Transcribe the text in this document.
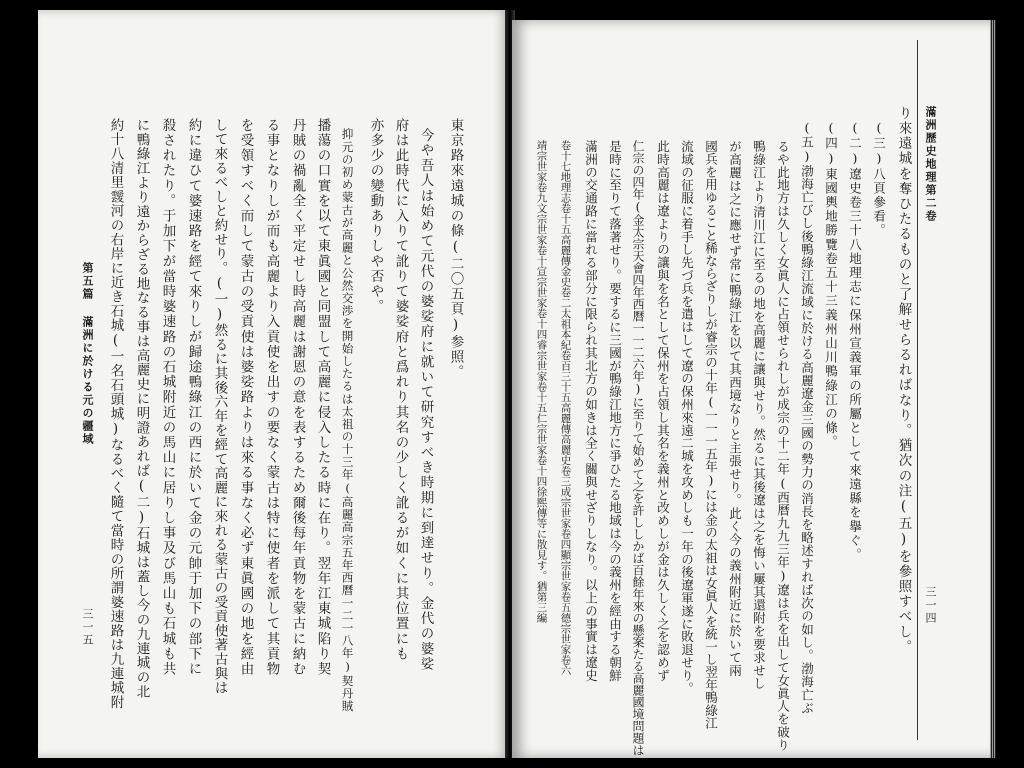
東京路來遠城の條(二〇五頁)参照。
今や吾人は始めて元代の婆娑府に就いて研究すべき時期に到達せり。金代の婆娑
府は此時代に入りて訛りて婆娑府と爲れり其名の少しく訛るが如くに其位置にも
亦多少の變動ありしや否や。
抑元の初め蒙古が高麗と公然交渉を開始したるは太祖の十三年(高麗高宗五年西曆一二一八年)契丹賊
播蕩の口實を以て東眞國と同盟して高麗に侵入したる時に在り。翌年江東城陷り契
丹賊の禍亂全く平定せし時高麗は謝恩の意を表するため爾後每年貢物を蒙古に納む
る事となりしが而も高麗より入貢使を出すの要なく蒙古は特に使者を派して其貢物
を受領すべく而して蒙古の受貢使は婆娑路よりは來る事なく必ず東眞國の地を經由
して來るべしと約せり。(一)然るに其後六年を經て高麗に來れる蒙古の受貢使著古與は
約に違ひて婆速路を經て來りしが歸途鴨綠江の西に於いて金の元帥于加下の部下に
殺されたり。于加下が當時婆速路の石城附近の馬山に居りし事及び馬山も石城も共
に鴨綠江より遠からざる地なる事は高麗史に明證あれば(二)石城は蓋し今の九連城の北
約十八清里靉河の右岸に近き石城(一名石頭城)なるべく隨て當時の所謂婆速路は九連城附
第五篇 滿洲に於ける元の疆域
三一五
滿洲歷史地理第二卷
三一四
り來遠城を奪ひたるものと了解せらるればなり。猶次の注(五)を參照すべし。
(三)八頁參看。
(二)遼史卷三十八地理志に保州宣義軍の所屬として來遠縣を擧ぐ。
(四)東國輿地勝覽卷五十三義州山川鴨綠江の條。
(五)渤海亡びし後鴨綠江流域に於ける高麗遼金三國の勢力の消長を略述すれば次の如し。渤海亡ぶ
るや此地方は久しく女眞人に占領せられしが成宗の十二年(西曆九九三年)遼は兵を出して女眞人を破り
鴨綠江より清川江に至るの地を高麗に讓與せり。然るに其後遼は之を悔い屢其還附を要求せし
が高麗は之に應せず常に鴨綠江を以て其西境なりと主張せり。此く今の義州附近に於いて兩
國兵を用ゆること稀ならざりしが睿宗の十年(一一一五年)には金の太祖は女眞人を統一し翌年鴨綠江
流域の征服に着手し先づ兵を遣はして遼の保州來遠二城を攻めしも一年の後遼軍遂に敗退せり。
此時高麗は遼よりの讓與を名として保州を占領し其名を義州と改めしが金は久しく之を認めず
仁宗の四年(金太宗天會四年西曆一一二六年)に至りて始めて之を許ししかば百餘年來の懸案たる高麗國境問題は
是時に至りて落著せり。要するに三國が鴨綠江地方に爭ひたる地域は今の義州を經由する朝鮮
滿洲の交通路に當れる部分に限られ其北方の如きは全く關與せざりしなり。以上の事實は遼史
卷十七地理志卷十五高麗傳金史卷二太祖本紀卷百三十五高麗傳高麗史卷三成宗世家卷四顯宗世家卷五德宗世家卷六
靖宗世家卷九文宗世家卷十宣宗世家卷十四睿宗世家卷十五仁宗世家卷十四徐熙傳等に散見す。猶第三編
